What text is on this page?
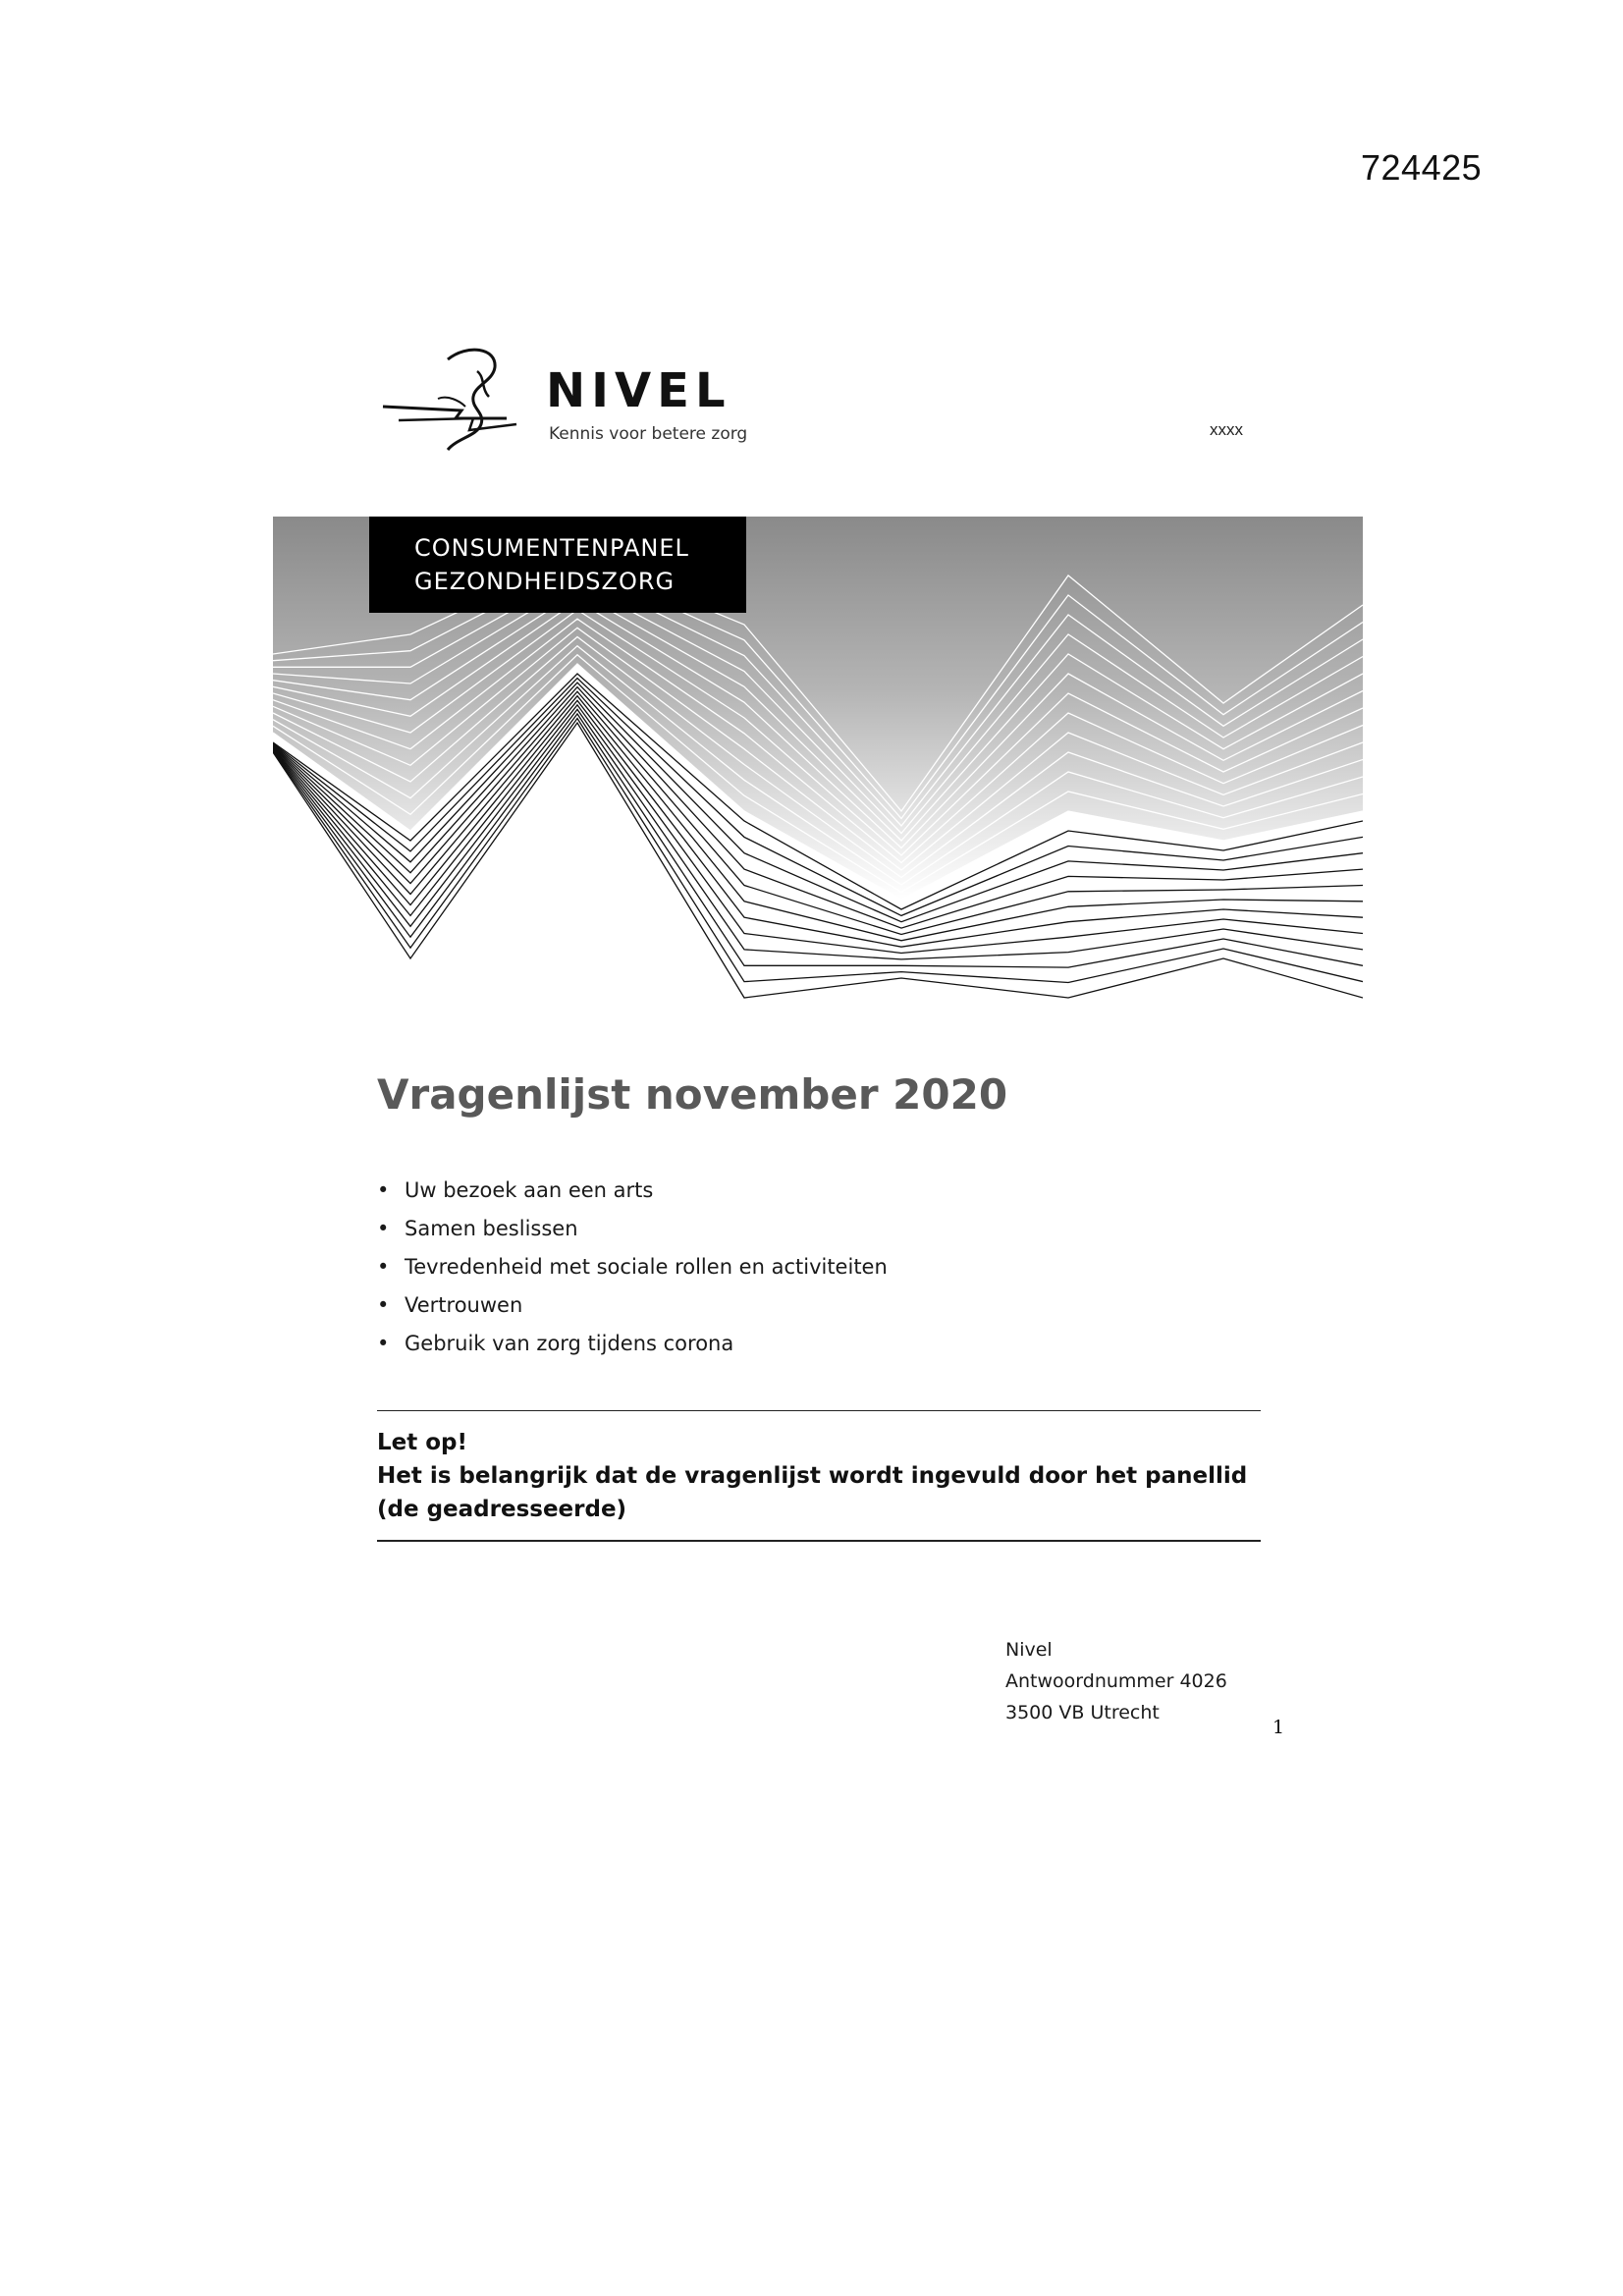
724425
NIVEL
Kennis voor betere zorg	xxxx
CONSUMENTENPANEL
GEZONDHEIDSZORG
Vragenlijst november 2020
• Uw bezoek aan een arts
• Samen beslissen
• Tevredenheid met sociale rollen en activiteiten
• Vertrouwen
• Gebruik van zorg tijdens corona
Let op!
Het is belangrijk dat de vragenlijst wordt ingevuld door het panellid
(de geadresseerde)
Nivel
Antwoordnummer 4026
3500 VB Utrecht
1
